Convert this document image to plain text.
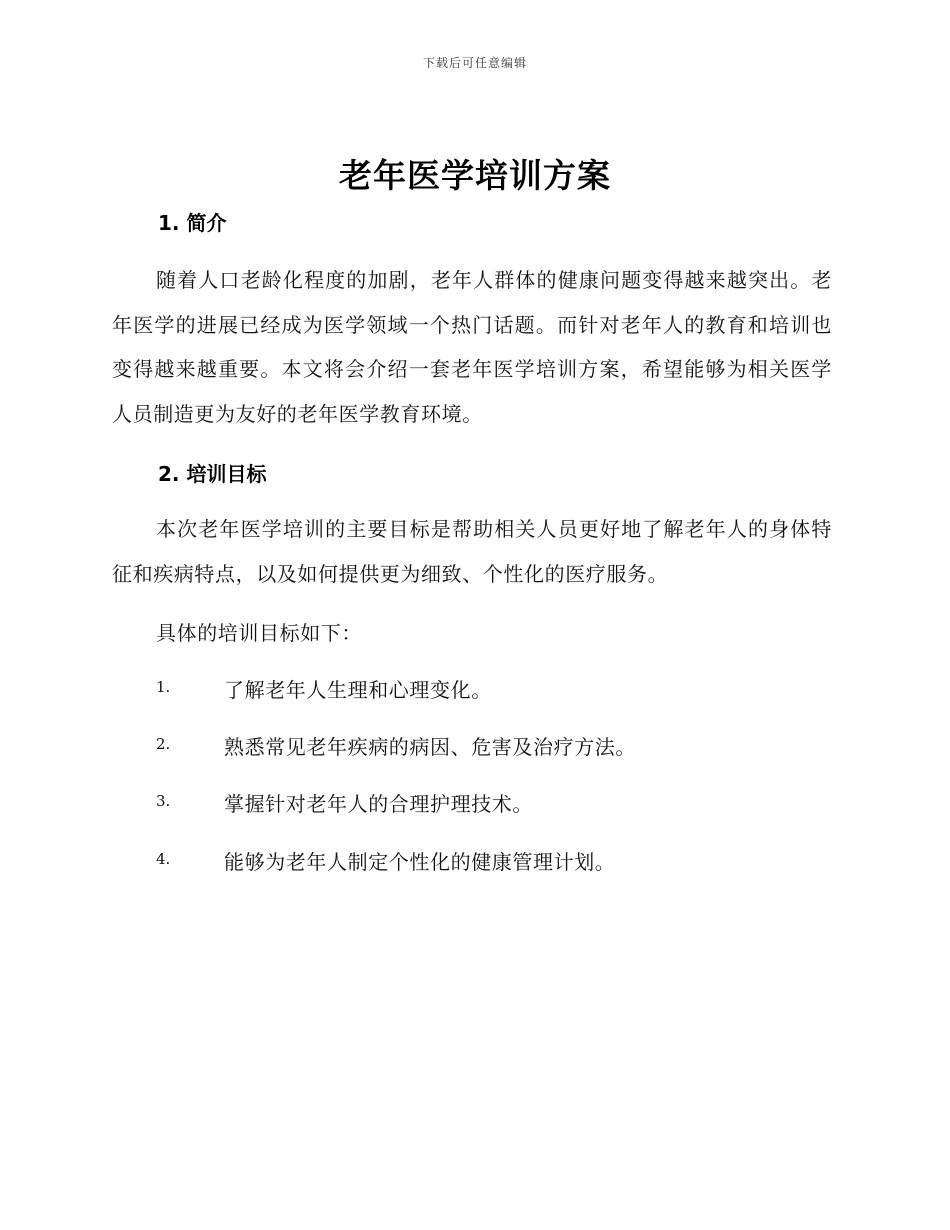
下载后可任意编辑
老年医学培训方案
1. 简介
随着人口老龄化程度的加剧，老年人群体的健康问题变得越来越突出。老年医学的进展已经成为医学领域一个热门话题。而针对老年人的教育和培训也变得越来越重要。本文将会介绍一套老年医学培训方案，希望能够为相关医学人员制造更为友好的老年医学教育环境。
2. 培训目标
本次老年医学培训的主要目标是帮助相关人员更好地了解老年人的身体特征和疾病特点，以及如何提供更为细致、个性化的医疗服务。
具体的培训目标如下：
1.	了解老年人生理和心理变化。
2.	熟悉常见老年疾病的病因、危害及治疗方法。
3.	掌握针对老年人的合理护理技术。
4.	能够为老年人制定个性化的健康管理计划。
